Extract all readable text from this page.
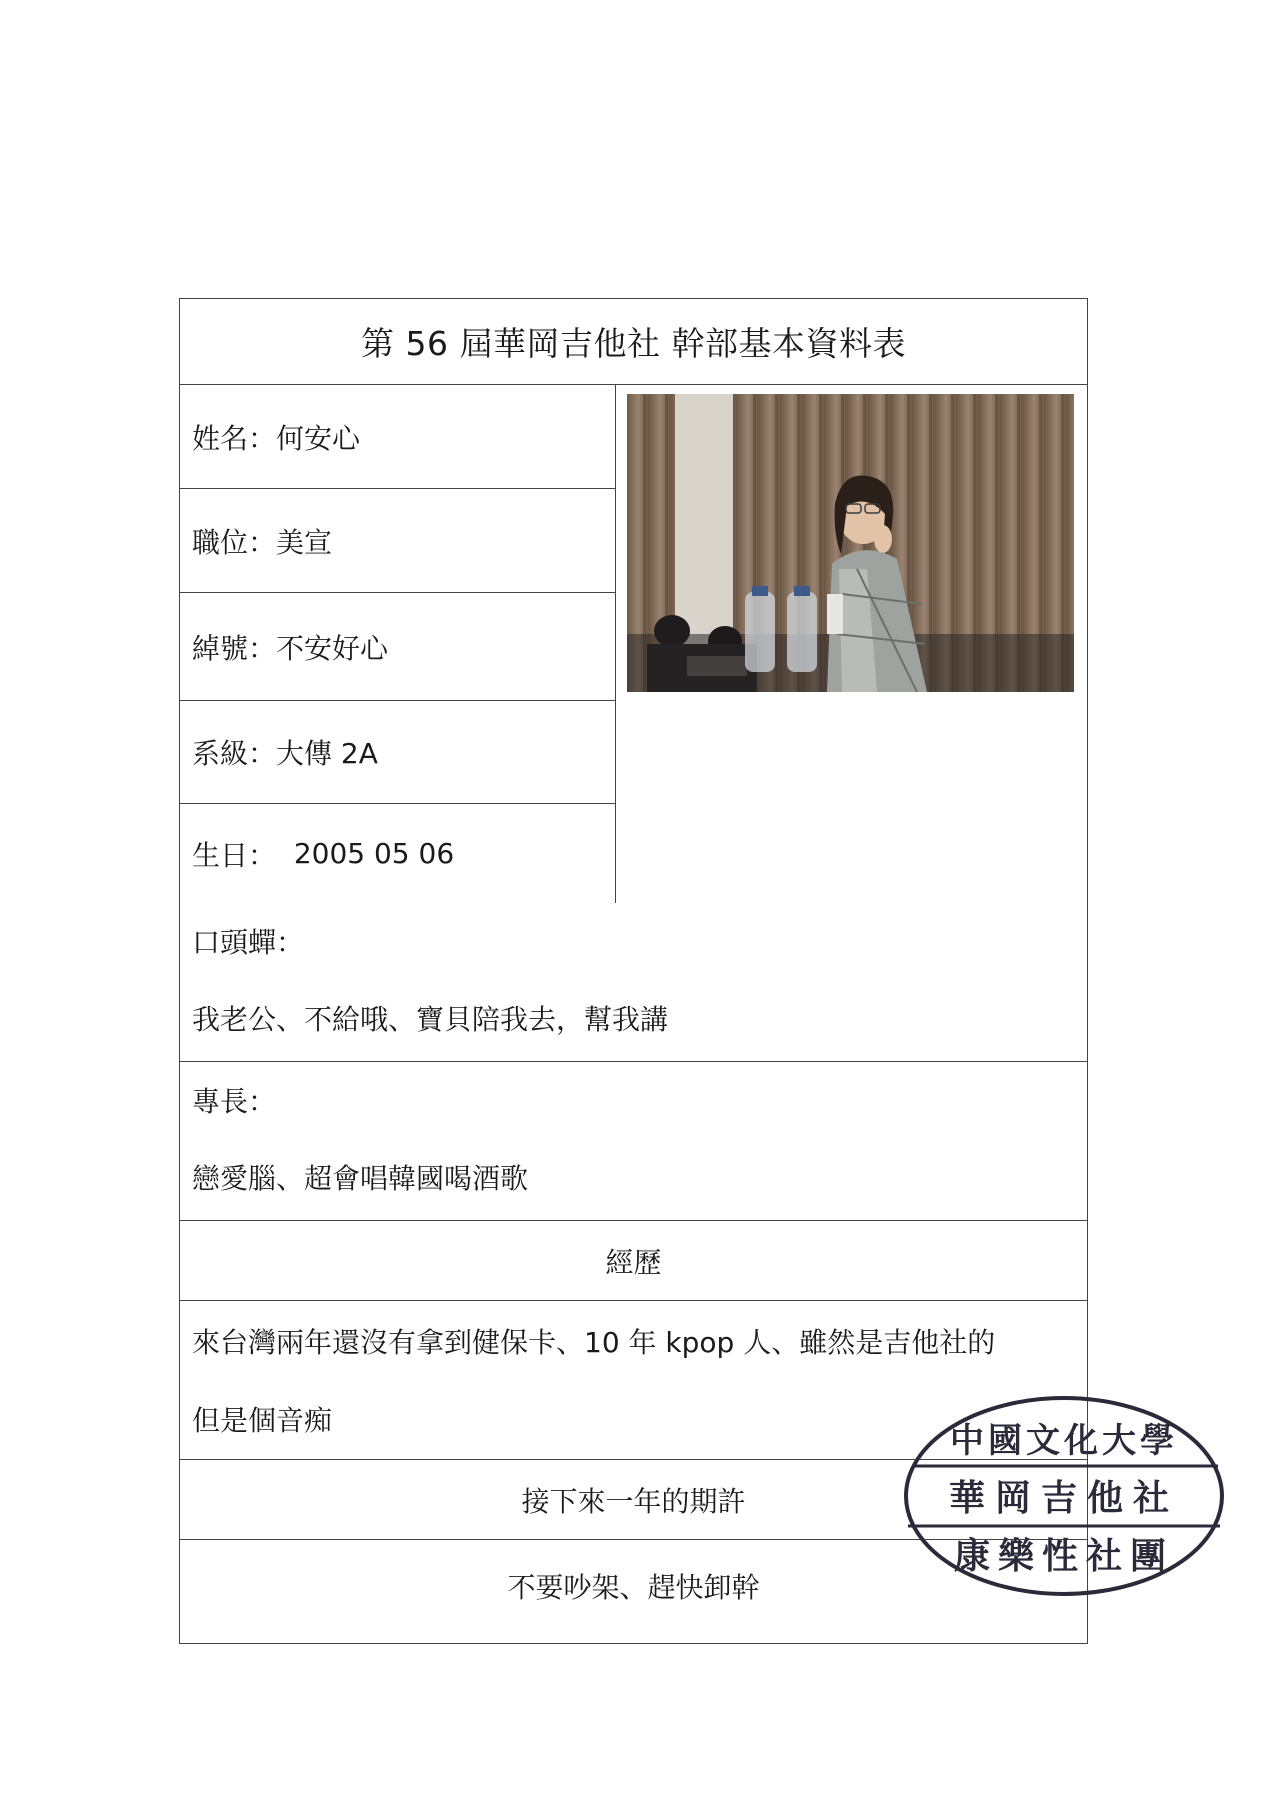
第 56 屆華岡吉他社 幹部基本資料表
姓名： 何安心
職位： 美宣
綽號： 不安好心
系級： 大傳 2A
生日： 2005 05 06
口頭蟬：
我老公、不給哦、寶貝陪我去，幫我講
專長：
戀愛腦、超會唱韓國喝酒歌
經歷
來台灣兩年還沒有拿到健保卡、10 年 kpop 人、雖然是吉他社的
但是個音痴
接下來一年的期許
不要吵架、趕快卸幹
中國文化大學
華岡吉他社
康樂性社團
